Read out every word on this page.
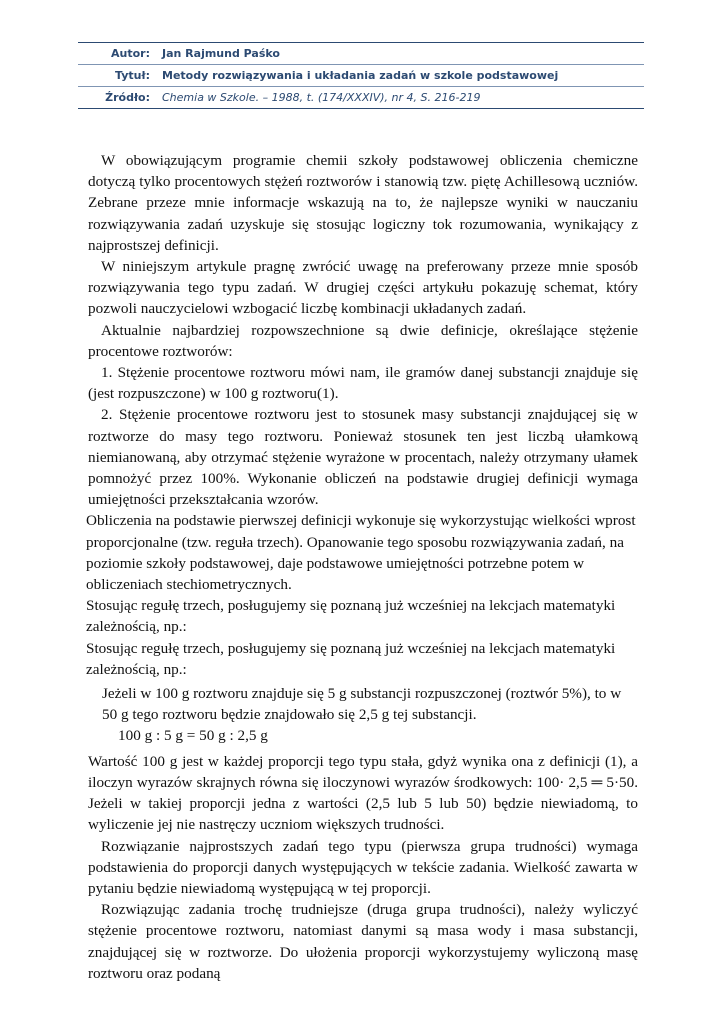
Autor:	Jan Rajmund Paśko
Tytuł:	Metody rozwiązywania i układania zadań w szkole podstawowej
Źródło:	Chemia w Szkole. – 1988, t. (174/XXXIV), nr 4, S. 216-219

W obowiązującym programie chemii szkoły podstawowej obliczenia chemiczne dotyczą tylko procentowych stężeń roztworów i stanowią tzw. piętę Achillesową uczniów. Zebrane przeze mnie informacje wskazują na to, że najlepsze wyniki w nauczaniu rozwiązywania zadań uzyskuje się stosując logiczny tok rozumowania, wynikający z najprostszej definicji.

W niniejszym artykule pragnę zwrócić uwagę na preferowany przeze mnie sposób rozwiązywania tego typu zadań. W drugiej części artykułu pokazuję schemat, który pozwoli nauczycielowi wzbogacić liczbę kombinacji układanych zadań.

Aktualnie najbardziej rozpowszechnione są dwie definicje, określające stężenie procentowe roztworów:

1. Stężenie procentowe roztworu mówi nam, ile gramów danej substancji znajduje się (jest rozpuszczone) w 100 g roztworu(1).

2. Stężenie procentowe roztworu jest to stosunek masy substancji znajdującej się w roztworze do masy tego roztworu. Ponieważ stosunek ten jest liczbą ułamkową niemianowaną, aby otrzymać stężenie wyrażone w procentach, należy otrzymany ułamek pomnożyć przez 100%. Wykonanie obliczeń na podstawie drugiej definicji wymaga umiejętności przekształcania wzorów.

Obliczenia na podstawie pierwszej definicji wykonuje się wykorzystując wielkości wprost proporcjonalne (tzw. reguła trzech). Opanowanie tego sposobu rozwiązywania zadań, na poziomie szkoły podstawowej, daje podstawowe umiejętności potrzebne potem w obliczeniach stechiometrycznych.

Stosując regułę trzech, posługujemy się poznaną już wcześniej na lekcjach matematyki zależnością, np.:

Stosując regułę trzech, posługujemy się poznaną już wcześniej na lekcjach matematyki zależnością, np.:

Jeżeli w 100 g roztworu znajduje się 5 g substancji rozpuszczonej (roztwór 5%), to w 50 g tego roztworu będzie znajdowało się 2,5 g tej substancji.

100 g : 5 g = 50 g : 2,5 g

Wartość 100 g jest w każdej proporcji tego typu stała, gdyż wynika ona z definicji (1), a iloczyn wyrazów skrajnych równa się iloczynowi wyrazów środkowych: 100· 2,5 ═ 5·50. Jeżeli w takiej proporcji jedna z wartości (2,5 lub 5 lub 50) będzie niewiadomą, to wyliczenie jej nie nastręczy uczniom większych trudności.

Rozwiązanie najprostszych zadań tego typu (pierwsza grupa trudności) wymaga podstawienia do proporcji danych występujących w tekście zadania. Wielkość zawarta w pytaniu będzie niewiadomą występującą w tej proporcji.

Rozwiązując zadania trochę trudniejsze (druga grupa trudności), należy wyliczyć stężenie procentowe roztworu, natomiast danymi są masa wody i masa substancji, znajdującej się w roztworze. Do ułożenia proporcji wykorzystujemy wyliczoną masę roztworu oraz podaną
